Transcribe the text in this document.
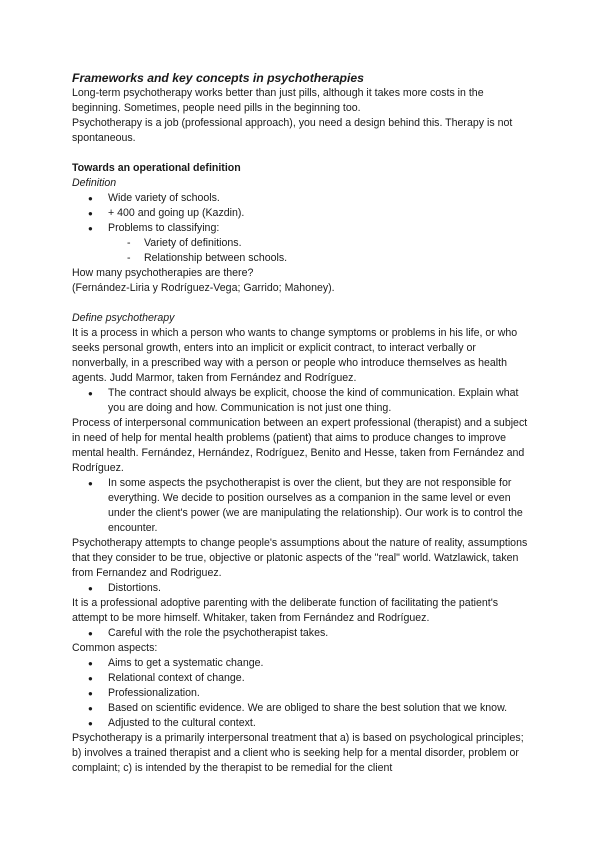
Frameworks and key concepts in psychotherapies

Long-term psychotherapy works better than just pills, although it takes more costs in the beginning. Sometimes, people need pills in the beginning too.

Psychotherapy is a job (professional approach), you need a design behind this. Therapy is not spontaneous.

Towards an operational definition

Definition

● Wide variety of schools.
● + 400 and going up (Kazdin).
● Problems to classifying:
- Variety of definitions.
- Relationship between schools.

How many psychotherapies are there?

(Fernández-Liria y Rodríguez-Vega; Garrido; Mahoney).

Define psychotherapy

It is a process in which a person who wants to change symptoms or problems in his life, or who seeks personal growth, enters into an implicit or explicit contract, to interact verbally or nonverbally, in a prescribed way with a person or people who introduce themselves as health agents. Judd Marmor, taken from Fernández and Rodríguez.

● The contract should always be explicit, choose the kind of communication. Explain what you are doing and how. Communication is not just one thing.

Process of interpersonal communication between an expert professional (therapist) and a subject in need of help for mental health problems (patient) that aims to produce changes to improve mental health. Fernández, Hernández, Rodríguez, Benito and Hesse, taken from Fernández and Rodríguez.

● In some aspects the psychotherapist is over the client, but they are not responsible for everything. We decide to position ourselves as a companion in the same level or even under the client's power (we are manipulating the relationship). Our work is to control the encounter.

Psychotherapy attempts to change people's assumptions about the nature of reality, assumptions that they consider to be true, objective or platonic aspects of the "real" world. Watzlawick, taken from Fernandez and Rodriguez.

● Distortions.

It is a professional adoptive parenting with the deliberate function of facilitating the patient's attempt to be more himself. Whitaker, taken from Fernández and Rodríguez.

● Careful with the role the psychotherapist takes.

Common aspects:

● Aims to get a systematic change.
● Relational context of change.
● Professionalization.
● Based on scientific evidence. We are obliged to share the best solution that we know.
● Adjusted to the cultural context.

Psychotherapy is a primarily interpersonal treatment that a) is based on psychological principles; b) involves a trained therapist and a client who is seeking help for a mental disorder, problem or complaint; c) is intended by the therapist to be remedial for the client
